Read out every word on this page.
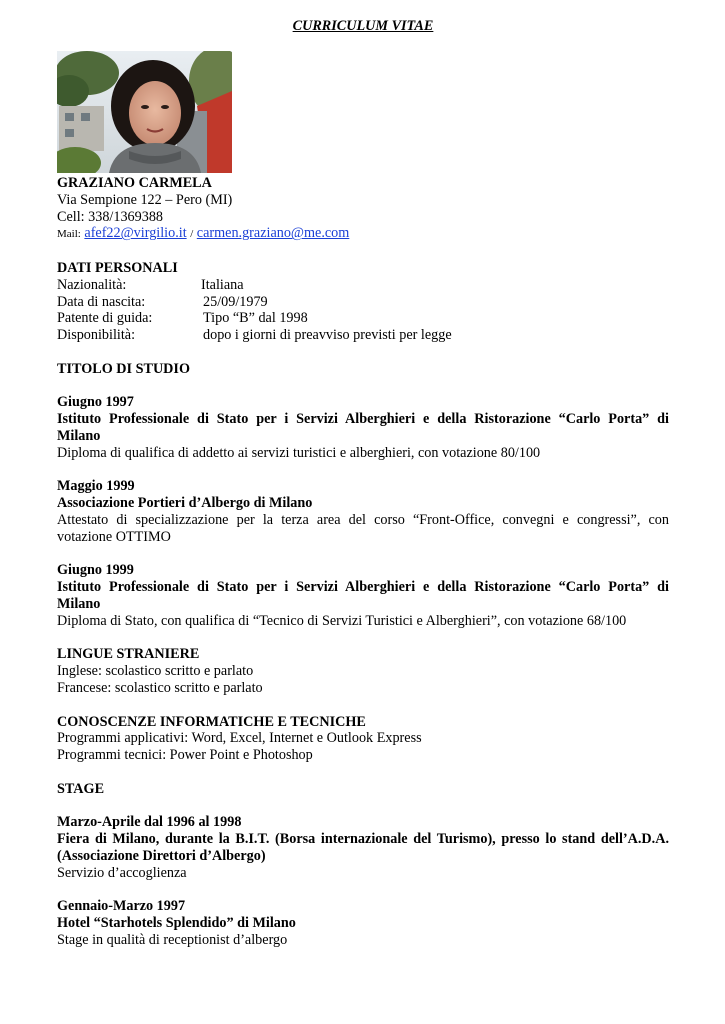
CURRICULUM VITAE
GRAZIANO CARMELA
Via Sempione 122 – Pero (MI)
Cell: 338/1369388
Mail: afef22@virgilio.it / carmen.graziano@me.com
DATI PERSONALI
Nazionalità:	Italiana
Data di nascita:	25/09/1979
Patente di guida:	Tipo “B” dal 1998
Disponibilità:	dopo i giorni di preavviso previsti per legge
TITOLO DI STUDIO
Giugno 1997
Istituto Professionale di Stato per i Servizi Alberghieri e della Ristorazione “Carlo Porta” di
Milano
Diploma di qualifica di addetto ai servizi turistici e alberghieri, con votazione 80/100
Maggio 1999
Associazione Portieri d’Albergo di Milano
Attestato di specializzazione per la terza area del corso “Front-Office, convegni e congressi”, con
votazione OTTIMO
Giugno 1999
Istituto Professionale di Stato per i Servizi Alberghieri e della Ristorazione “Carlo Porta” di
Milano
Diploma di Stato, con qualifica di “Tecnico di Servizi Turistici e Alberghieri”, con votazione 68/100
LINGUE STRANIERE
Inglese: scolastico scritto e parlato
Francese: scolastico scritto e parlato
CONOSCENZE INFORMATICHE E TECNICHE
Programmi applicativi: Word, Excel, Internet e Outlook Express
Programmi tecnici: Power Point e Photoshop
STAGE
Marzo-Aprile dal 1996 al 1998
Fiera di Milano, durante la B.I.T. (Borsa internazionale del Turismo), presso lo stand dell’A.D.A.
(Associazione Direttori d’Albergo)
Servizio d’accoglienza
Gennaio-Marzo 1997
Hotel “Starhotels Splendido” di Milano
Stage in qualità di receptionist d’albergo
